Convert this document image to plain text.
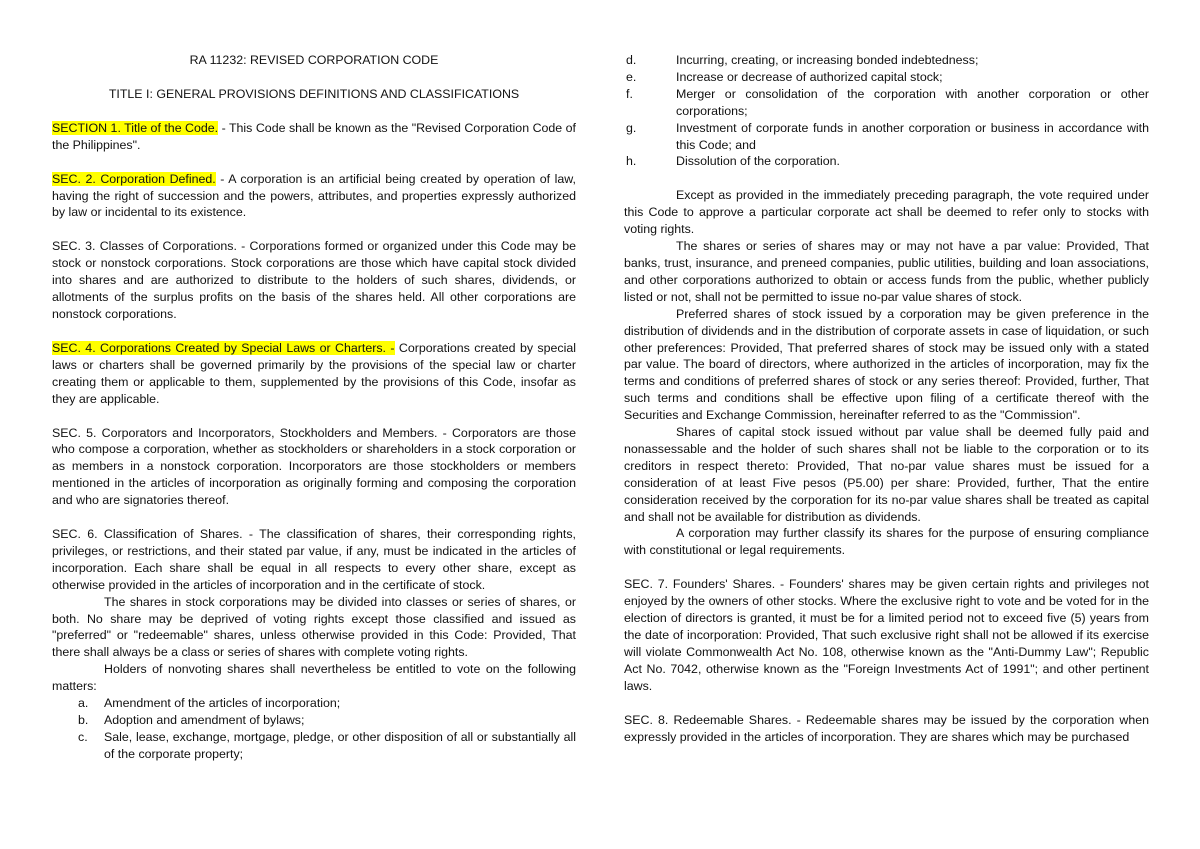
RA 11232: REVISED CORPORATION CODE

TITLE I: GENERAL PROVISIONS DEFINITIONS AND CLASSIFICATIONS

SECTION 1. Title of the Code. - This Code shall be known as the "Revised Corporation Code of the Philippines".

SEC. 2. Corporation Defined. - A corporation is an artificial being created by operation of law, having the right of succession and the powers, attributes, and properties expressly authorized by law or incidental to its existence.

SEC. 3. Classes of Corporations. - Corporations formed or organized under this Code may be stock or nonstock corporations. Stock corporations are those which have capital stock divided into shares and are authorized to distribute to the holders of such shares, dividends, or allotments of the surplus profits on the basis of the shares held. All other corporations are nonstock corporations.

SEC. 4. Corporations Created by Special Laws or Charters. - Corporations created by special laws or charters shall be governed primarily by the provisions of the special law or charter creating them or applicable to them, supplemented by the provisions of this Code, insofar as they are applicable.

SEC. 5. Corporators and Incorporators, Stockholders and Members. - Corporators are those who compose a corporation, whether as stockholders or shareholders in a stock corporation or as members in a nonstock corporation. Incorporators are those stockholders or members mentioned in the articles of incorporation as originally forming and composing the corporation and who are signatories thereof.

SEC. 6. Classification of Shares. - The classification of shares, their corresponding rights, privileges, or restrictions, and their stated par value, if any, must be indicated in the articles of incorporation. Each share shall be equal in all respects to every other share, except as otherwise provided in the articles of incorporation and in the certificate of stock.

The shares in stock corporations may be divided into classes or series of shares, or both. No share may be deprived of voting rights except those classified and issued as "preferred" or "redeemable" shares, unless otherwise provided in this Code: Provided, That there shall always be a class or series of shares with complete voting rights.

Holders of nonvoting shares shall nevertheless be entitled to vote on the following matters:

a.	Amendment of the articles of incorporation;
b.	Adoption and amendment of bylaws;
c.	Sale, lease, exchange, mortgage, pledge, or other disposition of all or substantially all of the corporate property;
d.	Incurring, creating, or increasing bonded indebtedness;
e.	Increase or decrease of authorized capital stock;
f.	Merger or consolidation of the corporation with another corporation or other corporations;
g.	Investment of corporate funds in another corporation or business in accordance with this Code; and
h.	Dissolution of the corporation.

Except as provided in the immediately preceding paragraph, the vote required under this Code to approve a particular corporate act shall be deemed to refer only to stocks with voting rights.

The shares or series of shares may or may not have a par value: Provided, That banks, trust, insurance, and preneed companies, public utilities, building and loan associations, and other corporations authorized to obtain or access funds from the public, whether publicly listed or not, shall not be permitted to issue no-par value shares of stock.

Preferred shares of stock issued by a corporation may be given preference in the distribution of dividends and in the distribution of corporate assets in case of liquidation, or such other preferences: Provided, That preferred shares of stock may be issued only with a stated par value. The board of directors, where authorized in the articles of incorporation, may fix the terms and conditions of preferred shares of stock or any series thereof: Provided, further, That such terms and conditions shall be effective upon filing of a certificate thereof with the Securities and Exchange Commission, hereinafter referred to as the "Commission".

Shares of capital stock issued without par value shall be deemed fully paid and nonassessable and the holder of such shares shall not be liable to the corporation or to its creditors in respect thereto: Provided, That no-par value shares must be issued for a consideration of at least Five pesos (P5.00) per share: Provided, further, That the entire consideration received by the corporation for its no-par value shares shall be treated as capital and shall not be available for distribution as dividends.

A corporation may further classify its shares for the purpose of ensuring compliance with constitutional or legal requirements.

SEC. 7. Founders' Shares. - Founders' shares may be given certain rights and privileges not enjoyed by the owners of other stocks. Where the exclusive right to vote and be voted for in the election of directors is granted, it must be for a limited period not to exceed five (5) years from the date of incorporation: Provided, That such exclusive right shall not be allowed if its exercise will violate Commonwealth Act No. 108, otherwise known as the "Anti-Dummy Law"; Republic Act No. 7042, otherwise known as the "Foreign Investments Act of 1991"; and other pertinent laws.

SEC. 8. Redeemable Shares. - Redeemable shares may be issued by the corporation when expressly provided in the articles of incorporation. They are shares which may be purchased
